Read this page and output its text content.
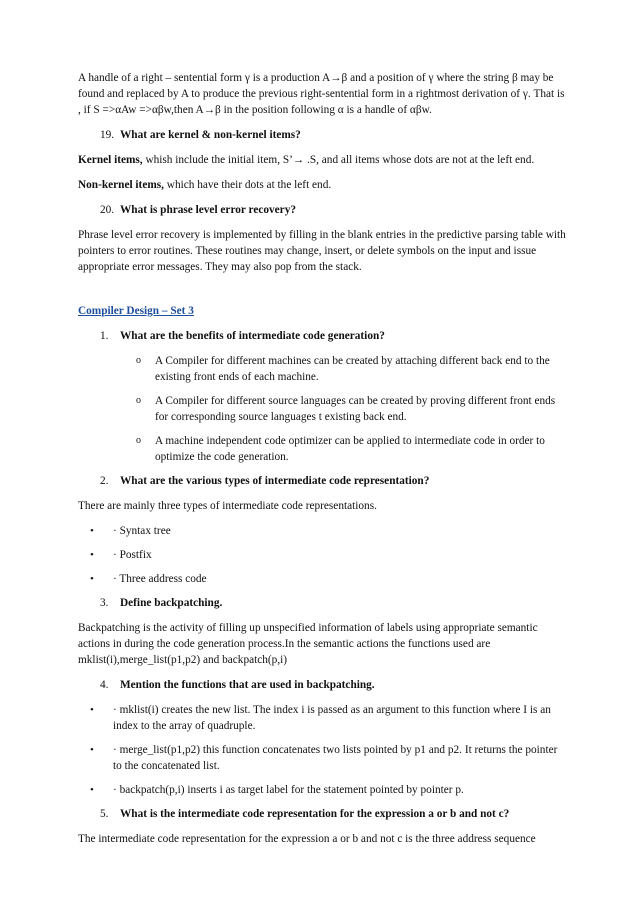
A handle of a right – sentential form γ is a production A→β and a position of γ where the string β may be found and replaced by A to produce the previous right-sentential form in a rightmost derivation of γ. That is , if S =>αAw =>αβw,then A→β in the position following α is a handle of αβw.

19. What are kernel & non-kernel items?

Kernel items, whish include the initial item, S’→ .S, and all items whose dots are not at the left end.

Non-kernel items, which have their dots at the left end.

20. What is phrase level error recovery?

Phrase level error recovery is implemented by filling in the blank entries in the predictive parsing table with pointers to error routines. These routines may change, insert, or delete symbols on the input and issue appropriate error messages. They may also pop from the stack.

Compiler Design – Set 3

1. What are the benefits of intermediate code generation?

o A Compiler for different machines can be created by attaching different back end to the existing front ends of each machine.
o A Compiler for different source languages can be created by proving different front ends for corresponding source languages t existing back end.
o A machine independent code optimizer can be applied to intermediate code in order to optimize the code generation.

2. What are the various types of intermediate code representation?

There are mainly three types of intermediate code representations.

• · Syntax tree
• · Postfix
• · Three address code

3. Define backpatching.

Backpatching is the activity of filling up unspecified information of labels using appropriate semantic actions in during the code generation process.In the semantic actions the functions used are mklist(i),merge_list(p1,p2) and backpatch(p,i)

4. Mention the functions that are used in backpatching.

• · mklist(i) creates the new list. The index i is passed as an argument to this function where I is an index to the array of quadruple.
• · merge_list(p1,p2) this function concatenates two lists pointed by p1 and p2. It returns the pointer to the concatenated list.
• · backpatch(p,i) inserts i as target label for the statement pointed by pointer p.

5. What is the intermediate code representation for the expression a or b and not c?

The intermediate code representation for the expression a or b and not c is the three address sequence
